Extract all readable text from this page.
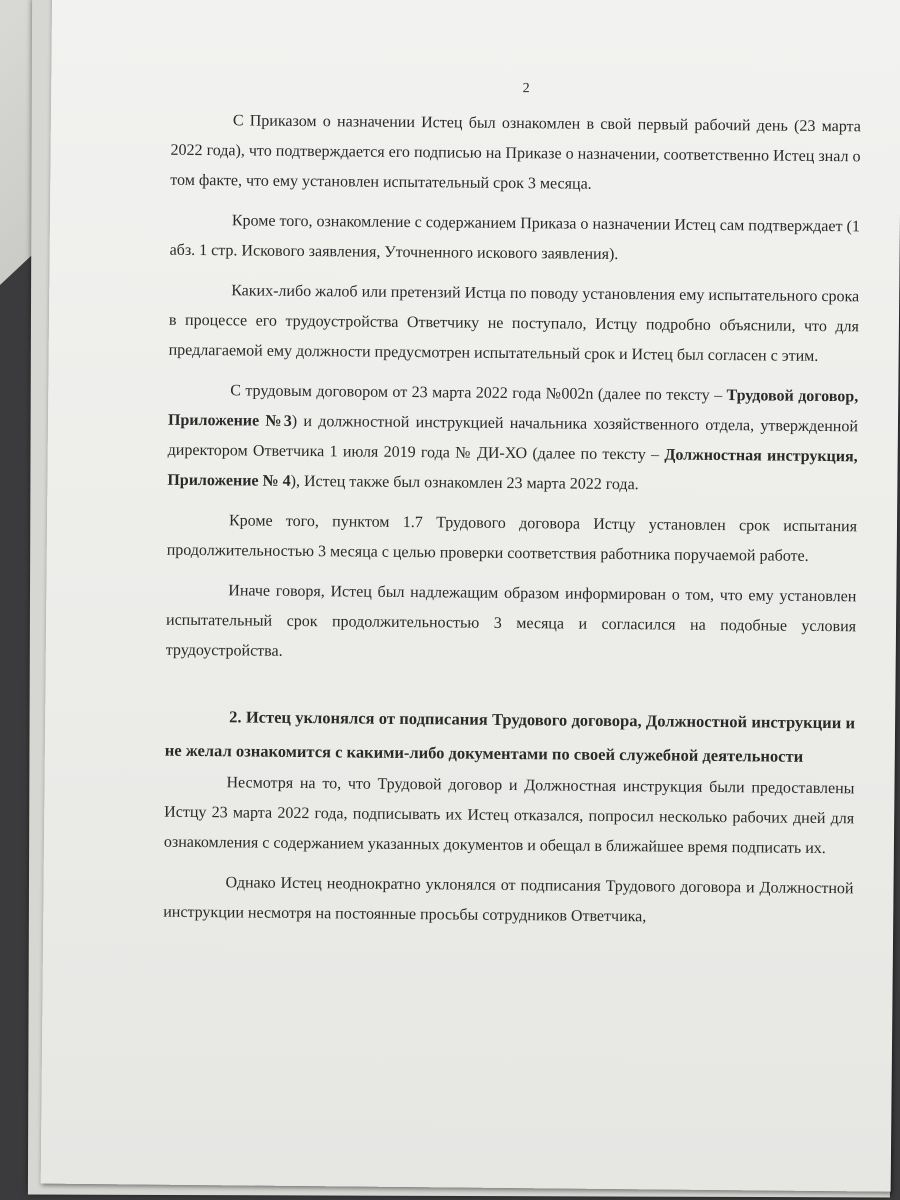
2

С Приказом о назначении Истец был ознакомлен в свой первый рабочий день (23 марта 2022 года), что подтверждается его подписью на Приказе о назначении, соответственно Истец знал о том факте, что ему установлен испытательный срок 3 месяца.

Кроме того, ознакомление с содержанием Приказа о назначении Истец сам подтверждает (1 абз. 1 стр. Искового заявления, Уточненного искового заявления).

Каких-либо жалоб или претензий Истца по поводу установления ему испытательного срока в процессе его трудоустройства Ответчику не поступало, Истцу подробно объяснили, что для предлагаемой ему должности предусмотрен испытательный срок и Истец был согласен с этим.

С трудовым договором от 23 марта 2022 года №002n (далее по тексту – Трудовой договор, Приложение №3) и должностной инструкцией начальника хозяйственного отдела, утвержденной директором Ответчика 1 июля 2019 года № ДИ-ХО (далее по тексту – Должностная инструкция, Приложение № 4), Истец также был ознакомлен 23 марта 2022 года.

Кроме того, пунктом 1.7 Трудового договора Истцу установлен срок испытания продолжительностью 3 месяца с целью проверки соответствия работника поручаемой работе.

Иначе говоря, Истец был надлежащим образом информирован о том, что ему установлен испытательный срок продолжительностью 3 месяца и согласился на подобные условия трудоустройства.

2. Истец уклонялся от подписания Трудового договора, Должностной инструкции и не желал ознакомится с какими-либо документами по своей служебной деятельности

Несмотря на то, что Трудовой договор и Должностная инструкция были предоставлены Истцу 23 марта 2022 года, подписывать их Истец отказался, попросил несколько рабочих дней для ознакомления с содержанием указанных документов и обещал в ближайшее время подписать их.

Однако Истец неоднократно уклонялся от подписания Трудового договора и Должностной инструкции несмотря на постоянные просьбы сотрудников Ответчика,
